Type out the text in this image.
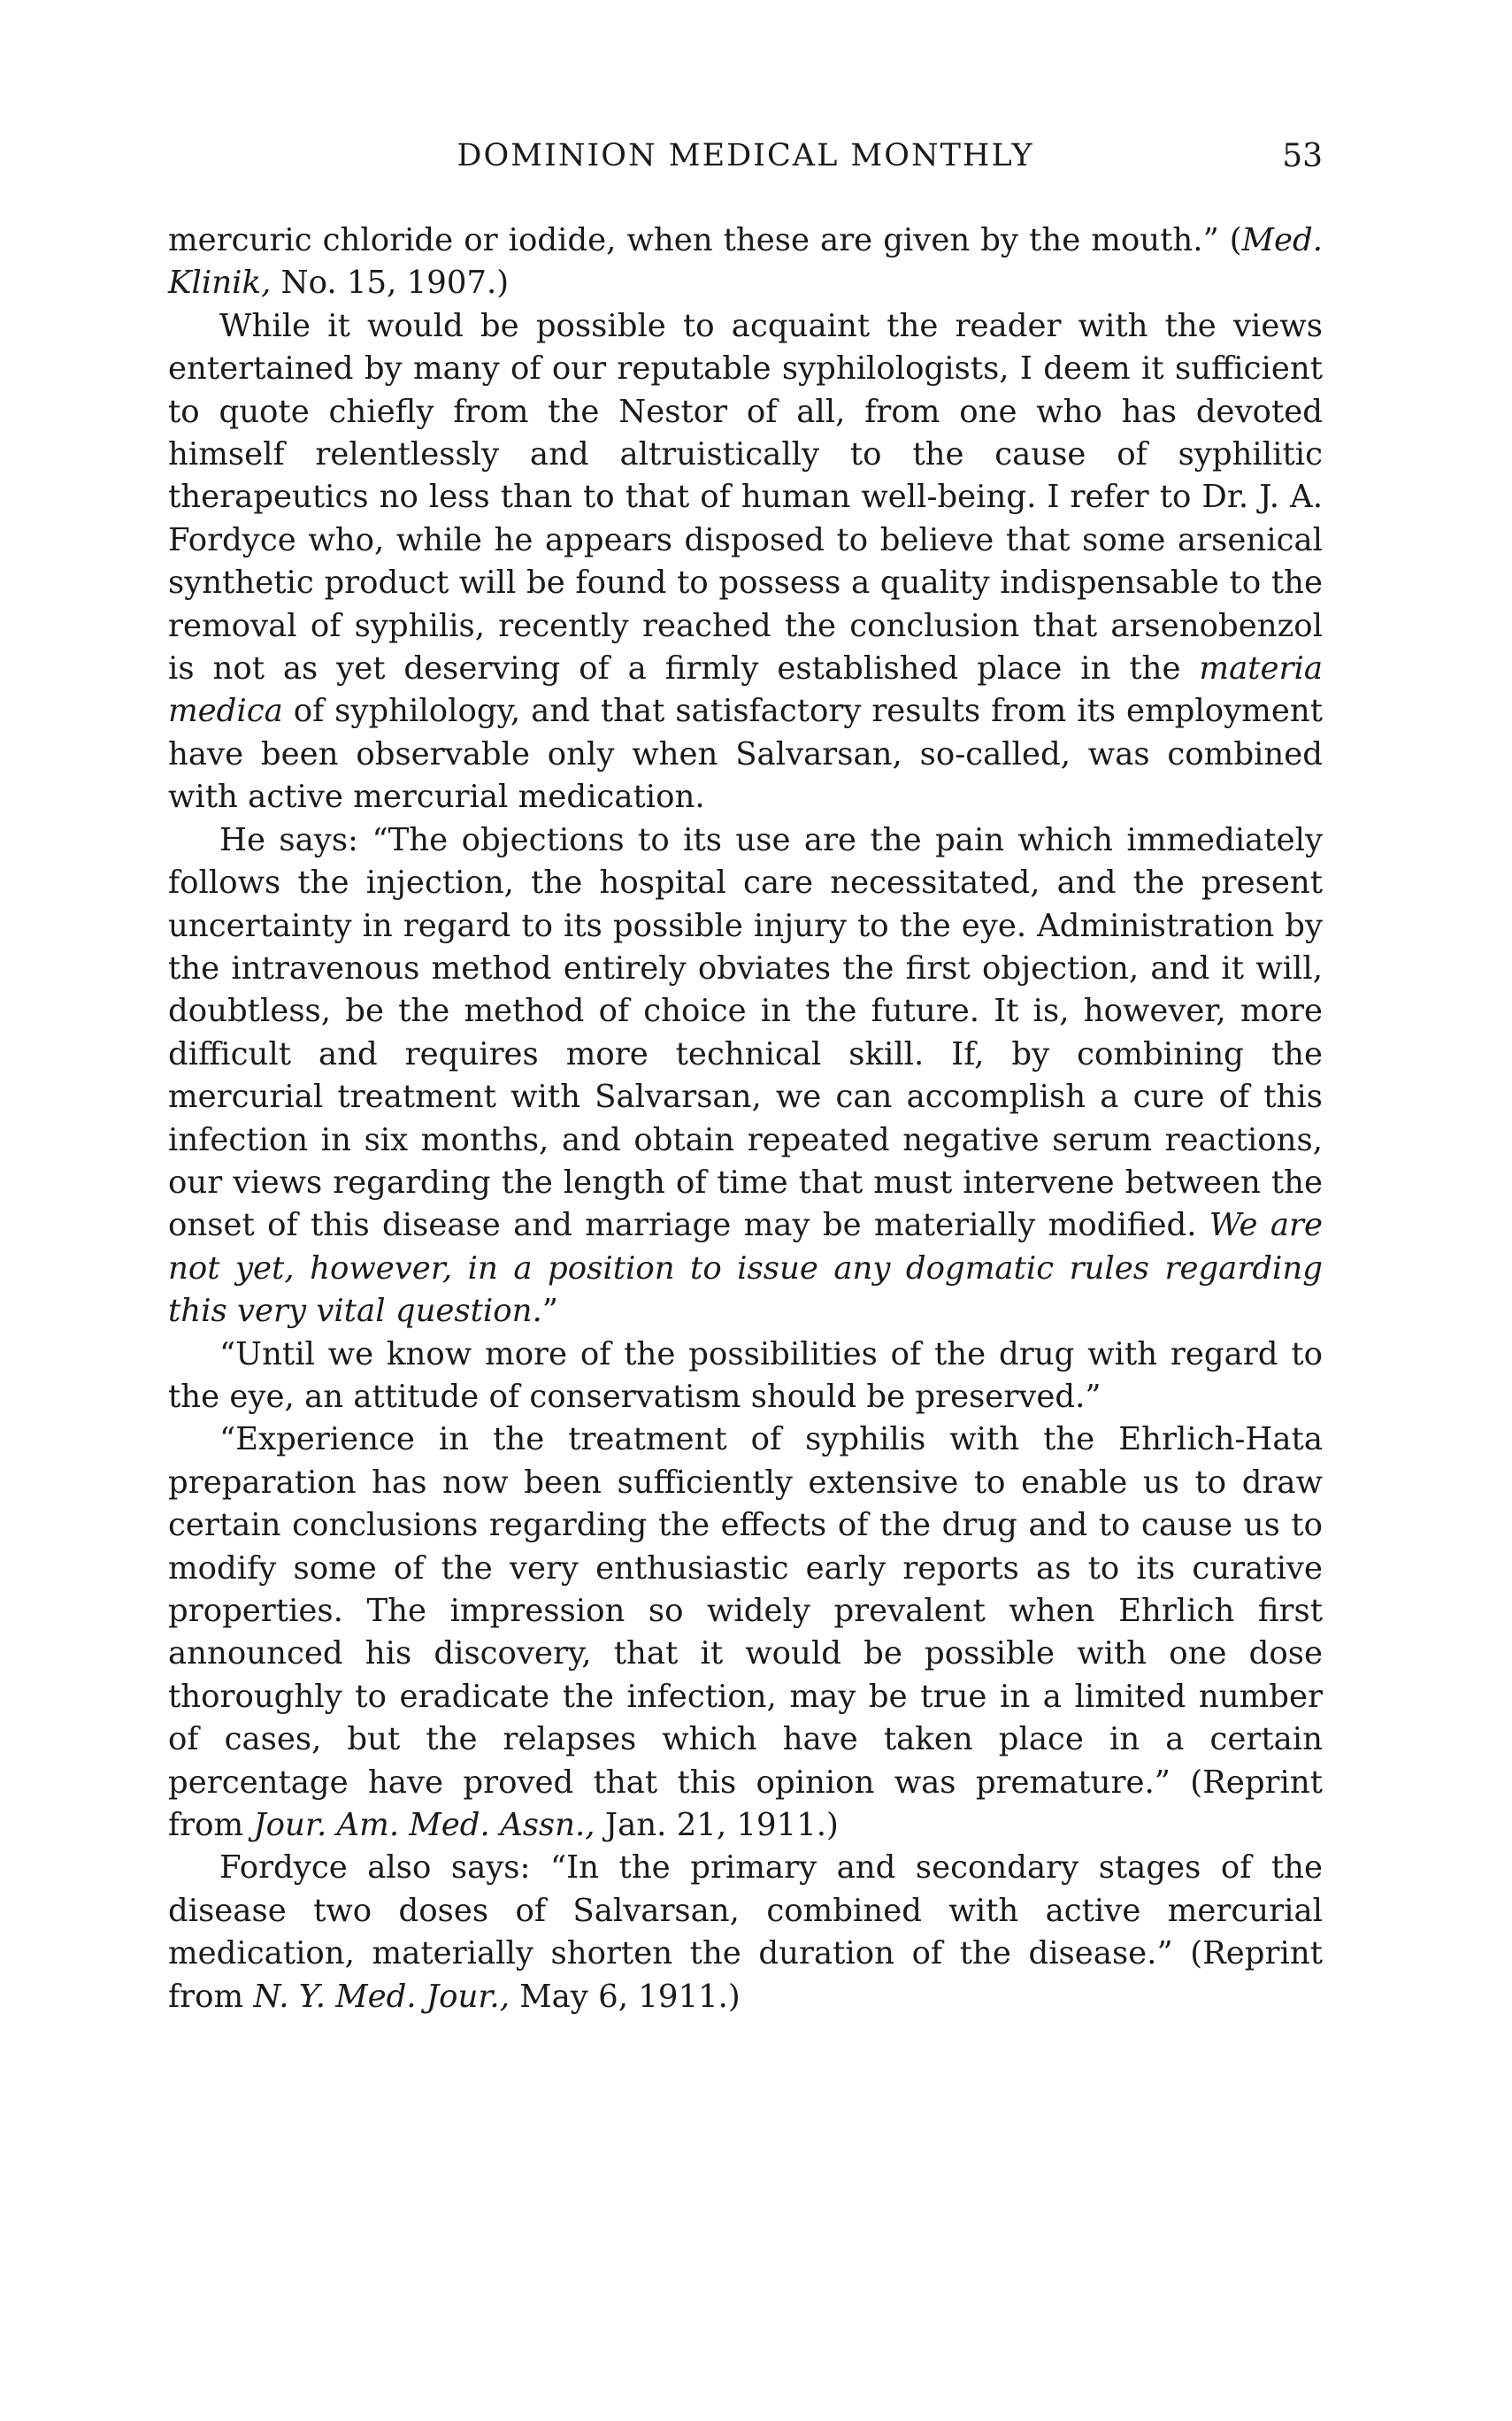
DOMINION MEDICAL MONTHLY	53

mercuric chloride or iodide, when these are given by the mouth.” (Med. Klinik, No. 15, 1907.)

While it would be possible to acquaint the reader with the views entertained by many of our reputable syphilologists, I deem it sufficient to quote chiefly from the Nestor of all, from one who has devoted himself relentlessly and altruistically to the cause of syphilitic therapeutics no less than to that of human well-being. I refer to Dr. J. A. Fordyce who, while he appears disposed to believe that some arsenical synthetic product will be found to possess a quality indispensable to the removal of syphilis, recently reached the conclusion that arsenobenzol is not as yet deserving of a firmly established place in the materia medica of syphilology, and that satisfactory results from its employment have been observable only when Salvarsan, so-called, was combined with active mercurial medication.

He says: “The objections to its use are the pain which immediately follows the injection, the hospital care necessitated, and the present uncertainty in regard to its possible injury to the eye. Administration by the intravenous method entirely obviates the first objection, and it will, doubtless, be the method of choice in the future. It is, however, more difficult and requires more technical skill. If, by combining the mercurial treatment with Salvarsan, we can accomplish a cure of this infection in six months, and obtain repeated negative serum reactions, our views regarding the length of time that must intervene between the onset of this disease and marriage may be materially modified. We are not yet, however, in a position to issue any dogmatic rules regarding this very vital question.”

“Until we know more of the possibilities of the drug with regard to the eye, an attitude of conservatism should be preserved.”

“Experience in the treatment of syphilis with the Ehrlich-Hata preparation has now been sufficiently extensive to enable us to draw certain conclusions regarding the effects of the drug and to cause us to modify some of the very enthusiastic early reports as to its curative properties. The impression so widely prevalent when Ehrlich first announced his discovery, that it would be possible with one dose thoroughly to eradicate the infection, may be true in a limited number of cases, but the relapses which have taken place in a certain percentage have proved that this opinion was premature.” (Reprint from Jour. Am. Med. Assn., Jan. 21, 1911.)

Fordyce also says: “In the primary and secondary stages of the disease two doses of Salvarsan, combined with active mercurial medication, materially shorten the duration of the disease.” (Reprint from N. Y. Med. Jour., May 6, 1911.)
